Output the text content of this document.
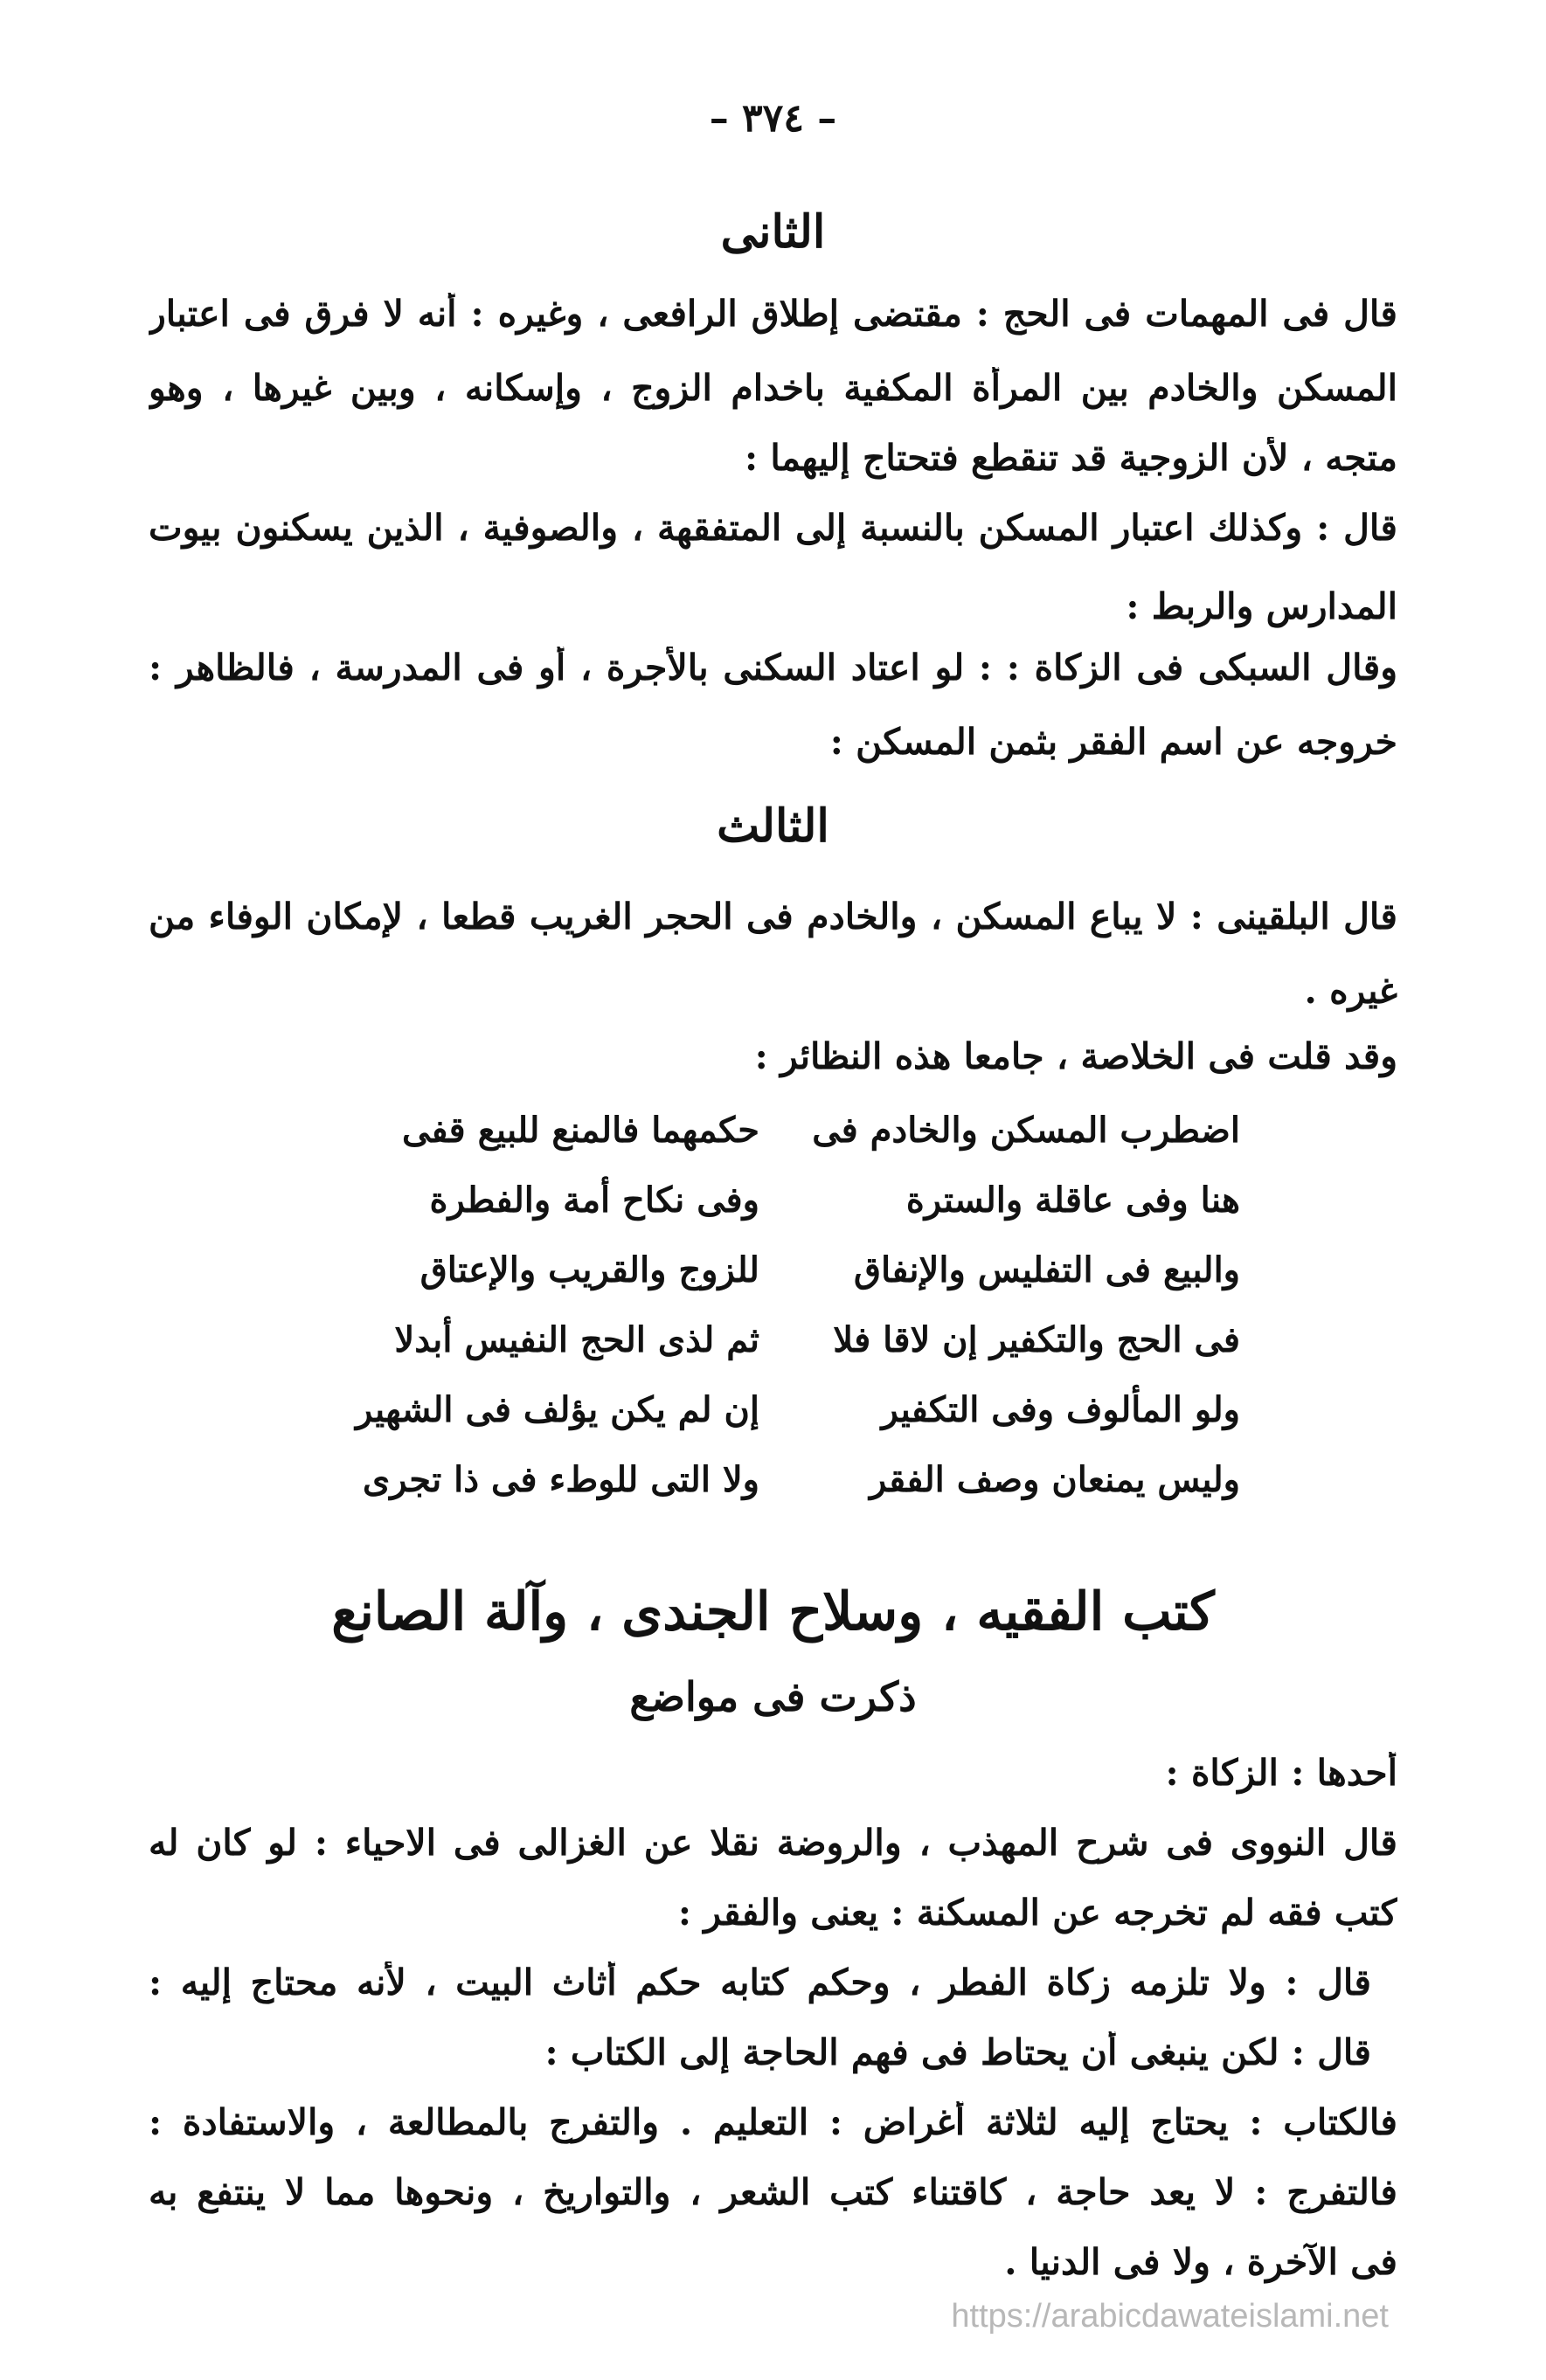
– ٣٧٤ –
الثانى
قال فى المهمات فى الحج : مقتضى إطلاق الرافعى ، وغيره : أنه لا فرق فى اعتبار
المسكن والخادم بين المرأة المكفية باخدام الزوج ، وإسكانه ، وبين غيرها ، وهو
متجه ، لأن الزوجية قد تنقطع فتحتاج إليهما :
قال : وكذلك اعتبار المسكن بالنسبة إلى المتفقهة ، والصوفية ، الذين يسكنون بيوت
المدارس والربط :
وقال السبكى فى الزكاة : : لو اعتاد السكنى بالأجرة ، أو فى المدرسة ، فالظاهر :
خروجه عن اسم الفقر بثمن المسكن :
الثالث
قال البلقينى : لا يباع المسكن ، والخادم فى الحجر الغريب قطعا ، لإمكان الوفاء من
غيره .
وقد قلت فى الخلاصة ، جامعا هذه النظائر :
اضطرب المسكن والخادم فى
حكمهما فالمنع للبيع قفى
هنا وفى عاقلة والسترة
وفى نكاح أمة والفطرة
والبيع فى التفليس والإنفاق
للزوج والقريب والإعتاق
فى الحج والتكفير إن لاقا فلا
ثم لذى الحج النفيس أبدلا
ولو المألوف وفى التكفير
إن لم يكن يؤلف فى الشهير
وليس يمنعان وصف الفقر
ولا التى للوطء فى ذا تجرى
كتب الفقيه ، وسلاح الجندى ، وآلة الصانع
ذكرت فى مواضع
أحدها : الزكاة :
قال النووى فى شرح المهذب ، والروضة نقلا عن الغزالى فى الاحياء : لو كان له
كتب فقه لم تخرجه عن المسكنة : يعنى والفقر :
قال : ولا تلزمه زكاة الفطر ، وحكم كتابه حكم أثاث البيت ، لأنه محتاج إليه :
قال : لكن ينبغى أن يحتاط فى فهم الحاجة إلى الكتاب :
فالكتاب : يحتاج إليه لثلاثة أغراض : التعليم . والتفرج بالمطالعة ، والاستفادة :
فالتفرج : لا يعد حاجة ، كاقتناء كتب الشعر ، والتواريخ ، ونحوها مما لا ينتفع به
فى الآخرة ، ولا فى الدنيا .
https://arabicdawateislami.net
